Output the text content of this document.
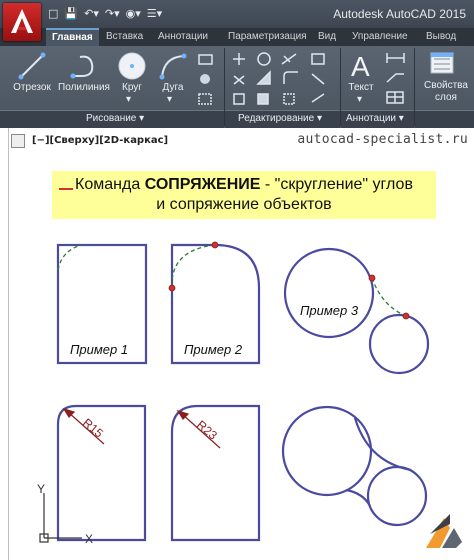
□ 💾 ↶▾ ↷▾ ◉▾ ☰▾	Autodesk AutoCAD 2015
Главная	Вставка Аннотации Параметризация Вид Управление Вывод
Отрезок Полилиния	Круг	Дуга
▾	▾
A
Текст
▾
Свойства
слоя
Рисование ▾	Редактирование ▾ Аннотации ▾
[−][Сверху][2D-каркас]	autocad-specialist.ru
Команда СОПРЯЖЕНИЕ - "скругление" углов
и сопряжение объектов
Пример 1	Пример 2
Пример 3
R15	R23
Y
X
